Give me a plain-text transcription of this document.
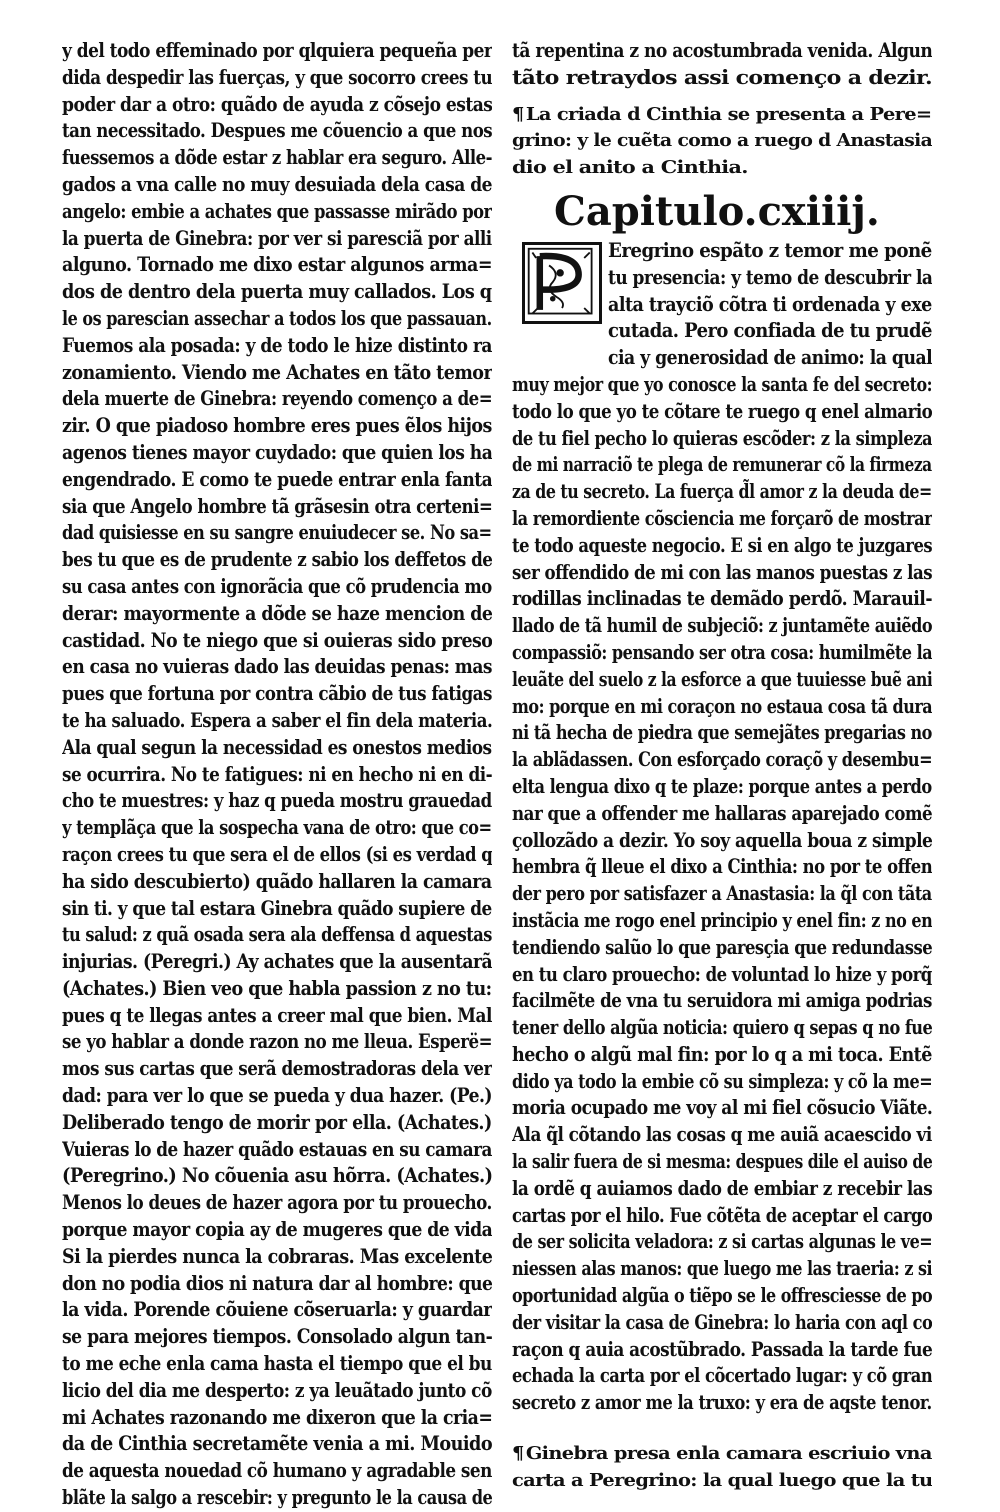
y del todo effeminado por qlquiera pequeña per
dida despedir las fuerças, y que socorro crees tu
poder dar a otro: quãdo de ayuda z cõsejo estas
tan necessitado. Despues me cõuencio a que nos
fuessemos a dõde estar z hablar era seguro. Alle-
gados a vna calle no muy desuiada dela casa de
angelo: embie a achates que passasse mirãdo por
la puerta de Ginebra: por ver si paresciã por alli
alguno. Tornado me dixo estar algunos arma=
dos de dentro dela puerta muy callados. Los q
le os parescian assechar a todos los que passauan.
Fuemos ala posada: y de todo le hize distinto ra
zonamiento. Viendo me Achates en tãto temor
dela muerte de Ginebra: reyendo començo a de=
zir. O que piadoso hombre eres pues ẽlos hijos
agenos tienes mayor cuydado: que quien los ha
engendrado. E como te puede entrar enla fanta
sia que Angelo hombre tã grãsesin otra certeni=
dad quisiesse en su sangre enuiudecer se. No sa=
bes tu que es de prudente z sabio los deffetos de
su casa antes con ignorãcia que cõ prudencia mo
derar: mayormente a dõde se haze mencion de
castidad. No te niego que si ouieras sido preso
en casa no vuieras dado las deuidas penas: mas
pues que fortuna por contra cãbio de tus fatigas
te ha saluado. Espera a saber el fin dela materia.
Ala qual segun la necessidad es onestos medios
se ocurrira. No te fatigues: ni en hecho ni en di-
cho te muestres: y haz q pueda mostru grauedad
y templãça que la sospecha vana de otro: que co=
raçon crees tu que sera el de ellos (si es verdad q
ha sido descubierto) quãdo hallaren la camara
sin ti. y que tal estara Ginebra quãdo supiere de
tu salud: z quã osada sera ala deffensa d aquestas
injurias. (Peregri.) Ay achates que la ausentarã
(Achates.) Bien veo que habla passion z no tu:
pues q te llegas antes a creer mal que bien. Mal
se yo hablar a donde razon no me lleua. Esperë=
mos sus cartas que serã demostradoras dela ver
dad: para ver lo que se pueda y dua hazer. (Pe.)
Deliberado tengo de morir por ella. (Achates.)
Vuieras lo de hazer quãdo estauas en su camara
(Peregrino.) No cõuenia asu hõrra. (Achates.)
Menos lo deues de hazer agora por tu prouecho.
porque mayor copia ay de mugeres que de vida
Si la pierdes nunca la cobraras. Mas excelente
don no podia dios ni natura dar al hombre: que
la vida. Porende cõuiene cõseruarla: y guardar
se para mejores tiempos. Consolado algun tan-
to me eche enla cama hasta el tiempo que el bu
licio del dia me desperto: z ya leuãtado junto cõ
mi Achates razonando me dixeron que la cria=
da de Cinthia secretamẽte venia a mi. Mouido
de aquesta nouedad cõ humano y agradable sen
blãte la salgo a rescebir: y pregunto le la causa de
tã repentina z no acostumbrada venida. Algun
tãto retraydos assi començo a dezir.
¶ La criada d Cinthia se presenta a Pere=
grino: y le cuẽta como a ruego d Anastasia
dio el anito a Cinthia.
Capitulo.cxiiij.
Eregrino espãto z temor me ponẽ
tu presencia: y temo de descubrir la
alta trayciõ cõtra ti ordenada y exe
cutada. Pero confiada de tu prudẽ
cia y generosidad de animo: la qual
muy mejor que yo conosce la santa fe del secreto:
todo lo que yo te cõtare te ruego q enel almario
de tu fiel pecho lo quieras escõder: z la simpleza
de mi narraciõ te plega de remunerar cõ la firmeza
za de tu secreto. La fuerça d̃l amor z la deuda de=
la remordiente cõsciencia me forçarõ de mostrar
te todo aqueste negocio. E si en algo te juzgares
ser offendido de mi con las manos puestas z las
rodillas inclinadas te demãdo perdõ. Marauil-
llado de tã humil de subjeciõ: z juntamẽte auiẽdo
compassiõ: pensando ser otra cosa: humilmẽte la
leuãte del suelo z la esforce a que tuuiesse buẽ ani
mo: porque en mi coraçon no estaua cosa tã dura
ni tã hecha de piedra que semejãtes pregarias no
la ablãdassen. Con esforçado coraçõ y desembu=
elta lengua dixo q te plaze: porque antes a perdo
nar que a offender me hallaras aparejado comẽ
çollozãdo a dezir. Yo soy aquella boua z simple
hembra q̃ lleue el dixo a Cinthia: no por te offen
der pero por satisfazer a Anastasia: la q̃l con tãta
instãcia me rogo enel principio y enel fin: z no en
tendiendo salũo lo que paresçia que redundasse
en tu claro prouecho: de voluntad lo hize y porq̃
facilmẽte de vna tu seruidora mi amiga podrias
tener dello algũa noticia: quiero q sepas q no fue
hecho o algũ mal fin: por lo q a mi toca. Entẽ
dido ya todo la embie cõ su simpleza: y cõ la me=
moria ocupado me voy al mi fiel cõsucio Viãte.
Ala q̃l cõtando las cosas q me auiã acaescido vi
la salir fuera de si mesma: despues dile el auiso de
la ordẽ q auiamos dado de embiar z recebir las
cartas por el hilo. Fue cõtẽta de aceptar el cargo
de ser solicita veladora: z si cartas algunas le ve=
niessen alas manos: que luego me las traeria: z si
oportunidad algũa o tiẽpo se le offresciesse de po
der visitar la casa de Ginebra: lo haria con aql co
raçon q auia acostũbrado. Passada la tarde fue
echada la carta por el cõcertado lugar: y cõ gran
secreto z amor me la truxo: y era de aqste tenor.
¶ Ginebra presa enla camara escriuio vna
carta a Peregrino: la qual luego que la tu
